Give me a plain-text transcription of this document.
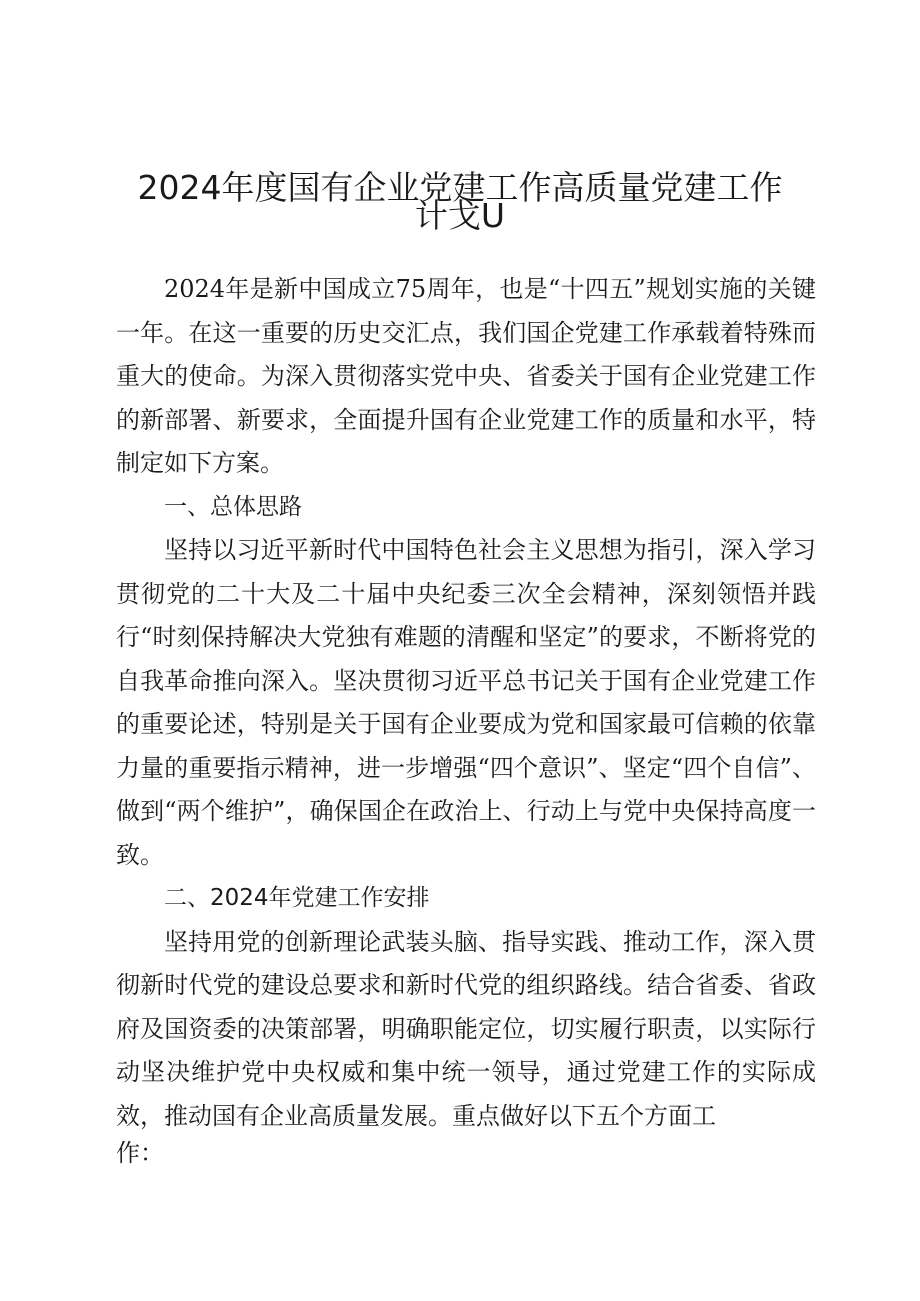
2024年度国有企业党建工作高质量党建工作
计戈U

2024年是新中国成立75周年，也是“十四五”规划实施的关键一年。在这一重要的历史交汇点，我们国企党建工作承载着特殊而重大的使命。为深入贯彻落实党中央、省委关于国有企业党建工作的新部署、新要求，全面提升国有企业党建工作的质量和水平，特制定如下方案。

一、总体思路

坚持以习近平新时代中国特色社会主义思想为指引，深入学习贯彻党的二十大及二十届中央纪委三次全会精神，深刻领悟并践行“时刻保持解决大党独有难题的清醒和坚定”的要求，不断将党的自我革命推向深入。坚决贯彻习近平总书记关于国有企业党建工作的重要论述，特别是关于国有企业要成为党和国家最可信赖的依靠力量的重要指示精神，进一步增强“四个意识”、坚定“四个自信”、做到“两个维护”，确保国企在政治上、行动上与党中央保持高度一致。

二、2024年党建工作安排

坚持用党的创新理论武装头脑、指导实践、推动工作，深入贯彻新时代党的建设总要求和新时代党的组织路线。结合省委、省政府及国资委的决策部署，明确职能定位，切实履行职责，以实际行动坚决维护党中央权威和集中统一领导，通过党建工作的实际成效，推动国有企业高质量发展。重点做好以下五个方面工

作：
